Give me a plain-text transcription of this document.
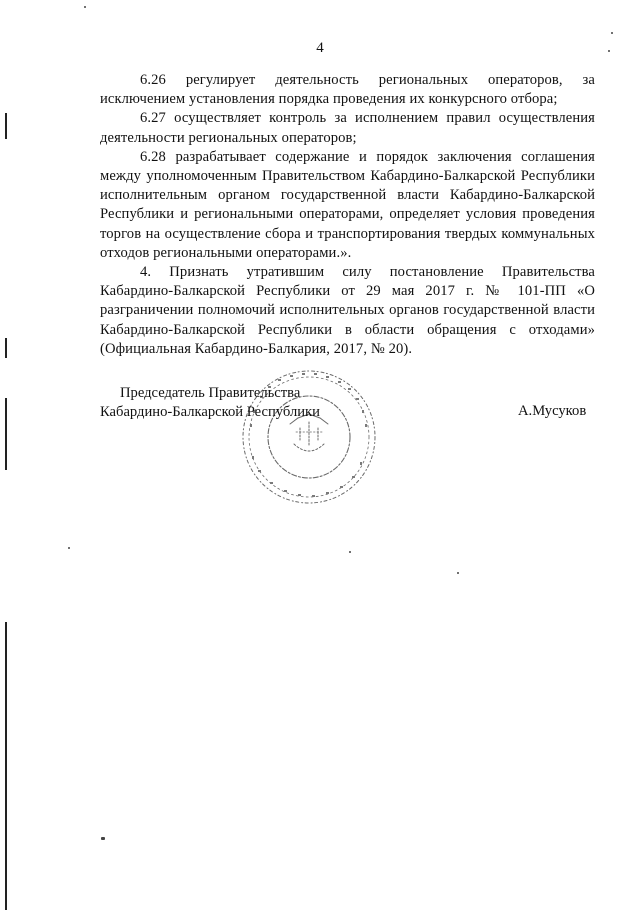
4

6.26 регулирует деятельность региональных операторов, за исключением установления порядка проведения их конкурсного отбора;

6.27 осуществляет контроль за исполнением правил осуществления деятельности региональных операторов;

6.28 разрабатывает содержание и порядок заключения соглашения между уполномоченным Правительством Кабардино-Балкарской Республики исполнительным органом государственной власти Кабардино-Балкарской Республики и региональными операторами, определяет условия проведения торгов на осуществление сбора и транспортирования твердых коммунальных отходов региональными операторами.».

4. Признать утратившим силу постановление Правительства Кабардино-Балкарской Республики от 29 мая 2017 г. № 101-ПП «О разграничении полномочий исполнительных органов государственной власти Кабардино-Балкарской Республики в области обращения с отходами» (Официальная Кабардино-Балкария, 2017, № 20).

Председатель Правительства
Кабардино-Балкарской Республики	А.Мусуков
